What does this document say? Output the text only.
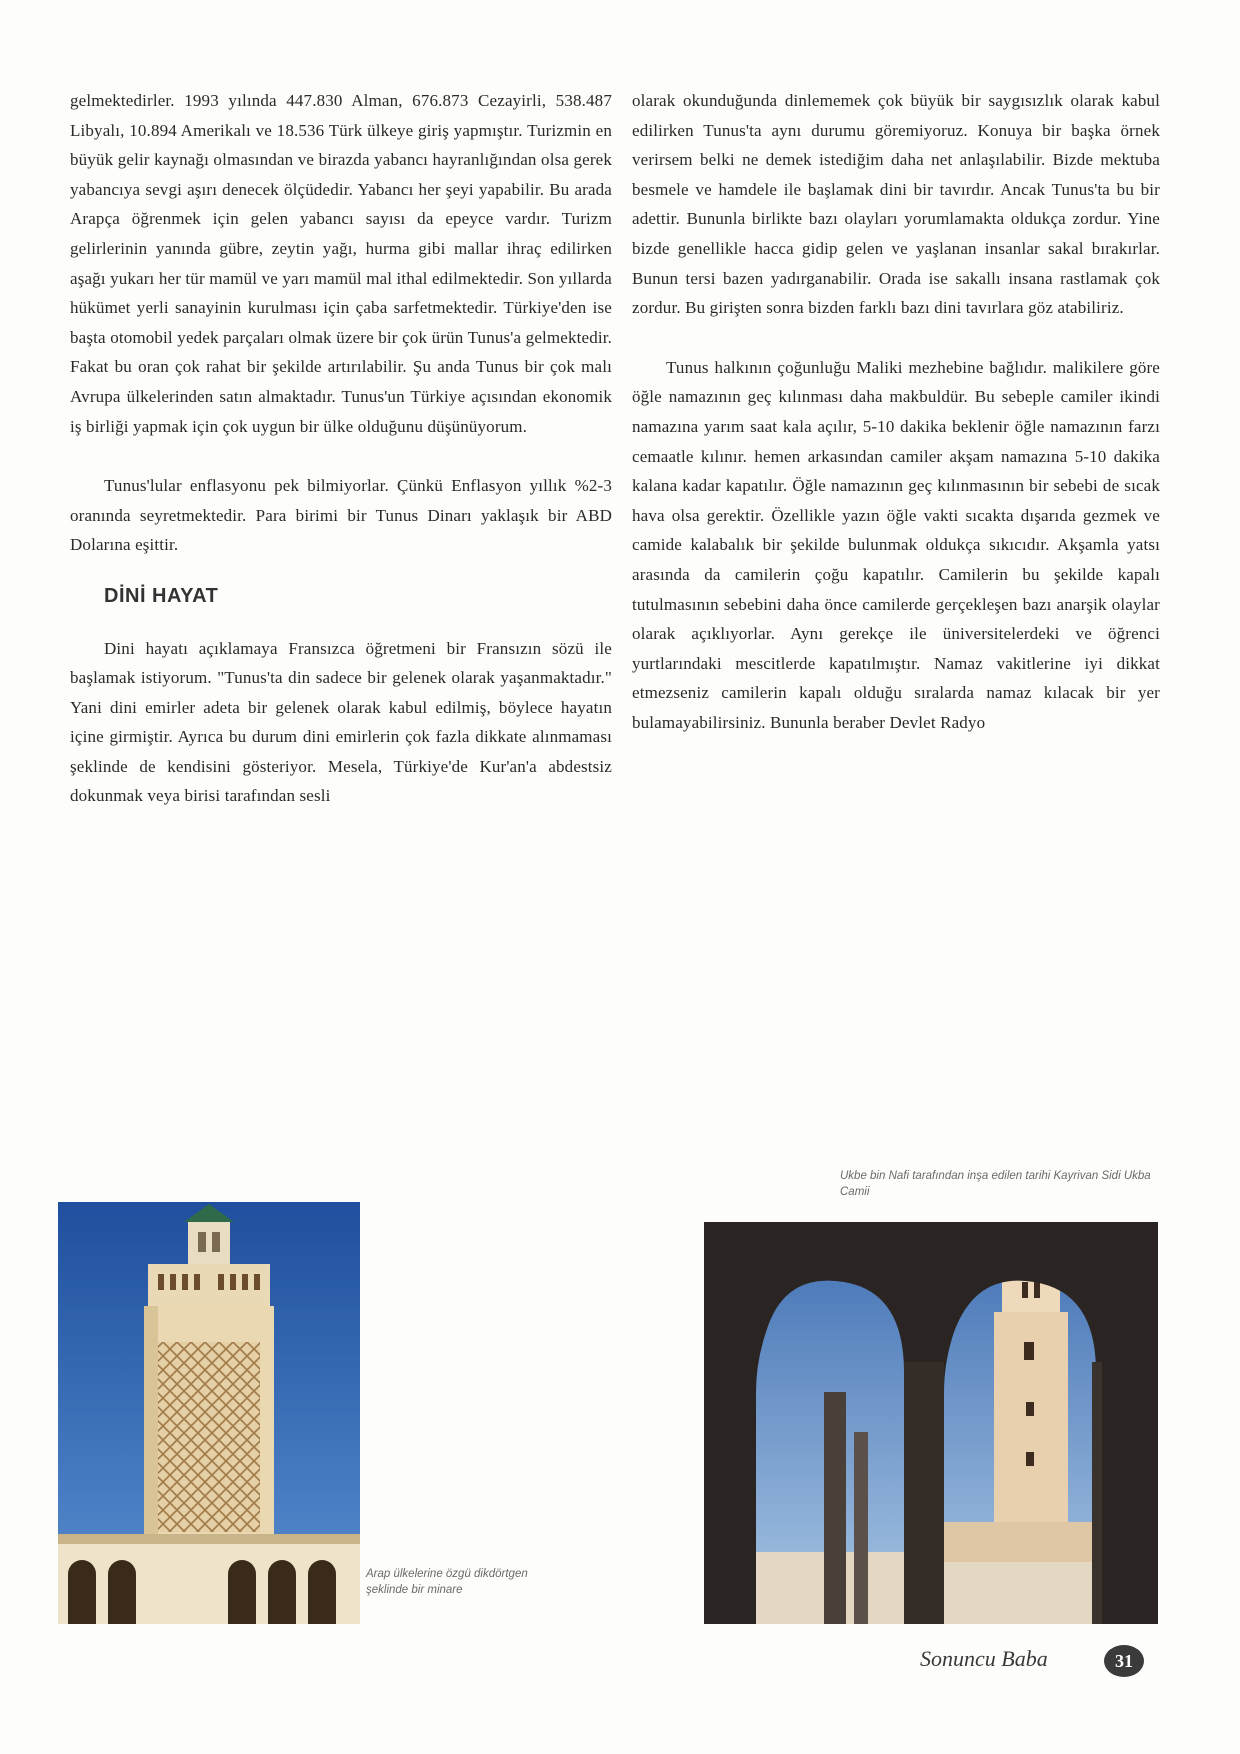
gelmektedirler. 1993 yılında 447.830 Alman, 676.873 Cezayirli, 538.487 Libyalı, 10.894 Amerikalı ve 18.536 Türk ülkeye giriş yapmıştır. Turizmin en büyük gelir kaynağı olmasından ve birazda yabancı hayranlığından olsa gerek yabancıya sevgi aşırı denecek ölçüdedir. Yabancı her şeyi yapabilir. Bu arada Arapça öğrenmek için gelen yabancı sayısı da epeyce vardır. Turizm gelirlerinin yanında gübre, zeytin yağı, hurma gibi mallar ihraç edilirken aşağı yukarı her tür mamül ve yarı mamül mal ithal edilmektedir. Son yıllarda hükümet yerli sanayinin kurulması için çaba sarfetmektedir. Türkiye'den ise başta otomobil yedek parçaları olmak üzere bir çok ürün Tunus'a gelmektedir. Fakat bu oran çok rahat bir şekilde artırılabilir. Şu anda Tunus bir çok malı Avrupa ülkelerinden satın almaktadır. Tunus'un Türkiye açısından ekonomik iş birliği yapmak için çok uygun bir ülke olduğunu düşünüyorum.

Tunus'lular enflasyonu pek bilmiyorlar. Çünkü Enflasyon yıllık %2-3 oranında seyretmektedir. Para birimi bir Tunus Dinarı yaklaşık bir ABD Dolarına eşittir.

DİNİ HAYAT

Dini hayatı açıklamaya Fransızca öğretmeni bir Fransızın sözü ile başlamak istiyorum. "Tunus'ta din sadece bir gelenek olarak yaşanmaktadır." Yani dini emirler adeta bir gelenek olarak kabul edilmiş, böylece hayatın içine girmiştir. Ayrıca bu durum dini emirlerin çok fazla dikkate alınmaması şeklinde de kendisini gösteriyor. Mesela, Türkiye'de Kur'an'a abdestsiz dokunmak veya birisi tarafından sesli

olarak okunduğunda dinlememek çok büyük bir saygısızlık olarak kabul edilirken Tunus'ta aynı durumu göremiyoruz. Konuya bir başka örnek verirsem belki ne demek istediğim daha net anlaşılabilir. Bizde mektuba besmele ve hamdele ile başlamak dini bir tavırdır. Ancak Tunus'ta bu bir adettir. Bununla birlikte bazı olayları yorumlamakta oldukça zordur. Yine bizde genellikle hacca gidip gelen ve yaşlanan insanlar sakal bırakırlar. Bunun tersi bazen yadırganabilir. Orada ise sakallı insana rastlamak çok zordur. Bu girişten sonra bizden farklı bazı dini tavırlara göz atabiliriz.

Tunus halkının çoğunluğu Maliki mezhebine bağlıdır. malikilere göre öğle namazının geç kılınması daha makbuldür. Bu sebeple camiler ikindi namazına yarım saat kala açılır, 5-10 dakika beklenir öğle namazının farzı cemaatle kılınır. hemen arkasından camiler akşam namazına 5-10 dakika kalana kadar kapatılır. Öğle namazının geç kılınmasının bir sebebi de sıcak hava olsa gerektir. Özellikle yazın öğle vakti sıcakta dışarıda gezmek ve camide kalabalık bir şekilde bulunmak oldukça sıkıcıdır. Akşamla yatsı arasında da camilerin çoğu kapatılır. Camilerin bu şekilde kapalı tutulmasının sebebini daha önce camilerde gerçekleşen bazı anarşik olaylar olarak açıklıyorlar. Aynı gerekçe ile üniversitelerdeki ve öğrenci yurtlarındaki mescitlerde kapatılmıştır. Namaz vakitlerine iyi dikkat etmezseniz camilerin kapalı olduğu sıralarda namaz kılacak bir yer bulamayabilirsiniz. Bununla beraber Devlet Radyo

Arap ülkelerine özgü dikdörtgen şeklinde bir minare
Ukbe bin Nafi tarafından inşa edilen tarihi Kayrivan Sidi Ukba Camii
Sonuncu Baba	31
